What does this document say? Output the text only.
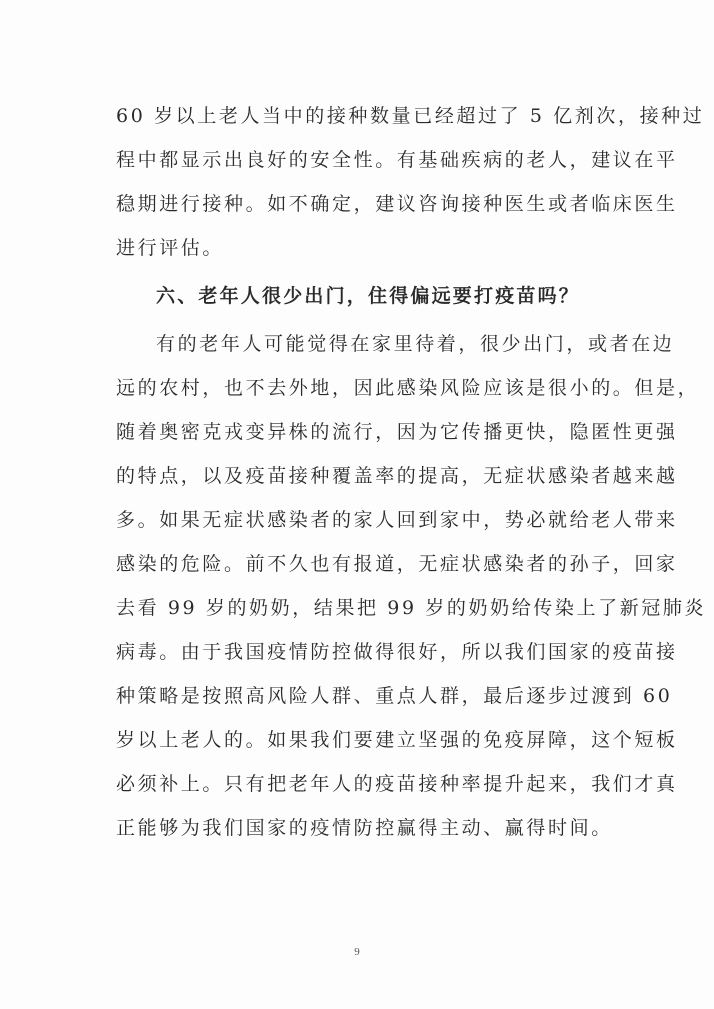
60 岁以上老人当中的接种数量已经超过了 5 亿剂次，接种过
程中都显示出良好的安全性。有基础疾病的老人，建议在平
稳期进行接种。如不确定，建议咨询接种医生或者临床医生
进行评估。
六、老年人很少出门，住得偏远要打疫苗吗？
有的老年人可能觉得在家里待着，很少出门，或者在边
远的农村，也不去外地，因此感染风险应该是很小的。但是，
随着奥密克戎变异株的流行，因为它传播更快，隐匿性更强
的特点，以及疫苗接种覆盖率的提高，无症状感染者越来越
多。如果无症状感染者的家人回到家中，势必就给老人带来
感染的危险。前不久也有报道，无症状感染者的孙子，回家
去看 99 岁的奶奶，结果把 99 岁的奶奶给传染上了新冠肺炎
病毒。由于我国疫情防控做得很好，所以我们国家的疫苗接
种策略是按照高风险人群、重点人群，最后逐步过渡到 60
岁以上老人的。如果我们要建立坚强的免疫屏障，这个短板
必须补上。只有把老年人的疫苗接种率提升起来，我们才真
正能够为我们国家的疫情防控赢得主动、赢得时间。
9
